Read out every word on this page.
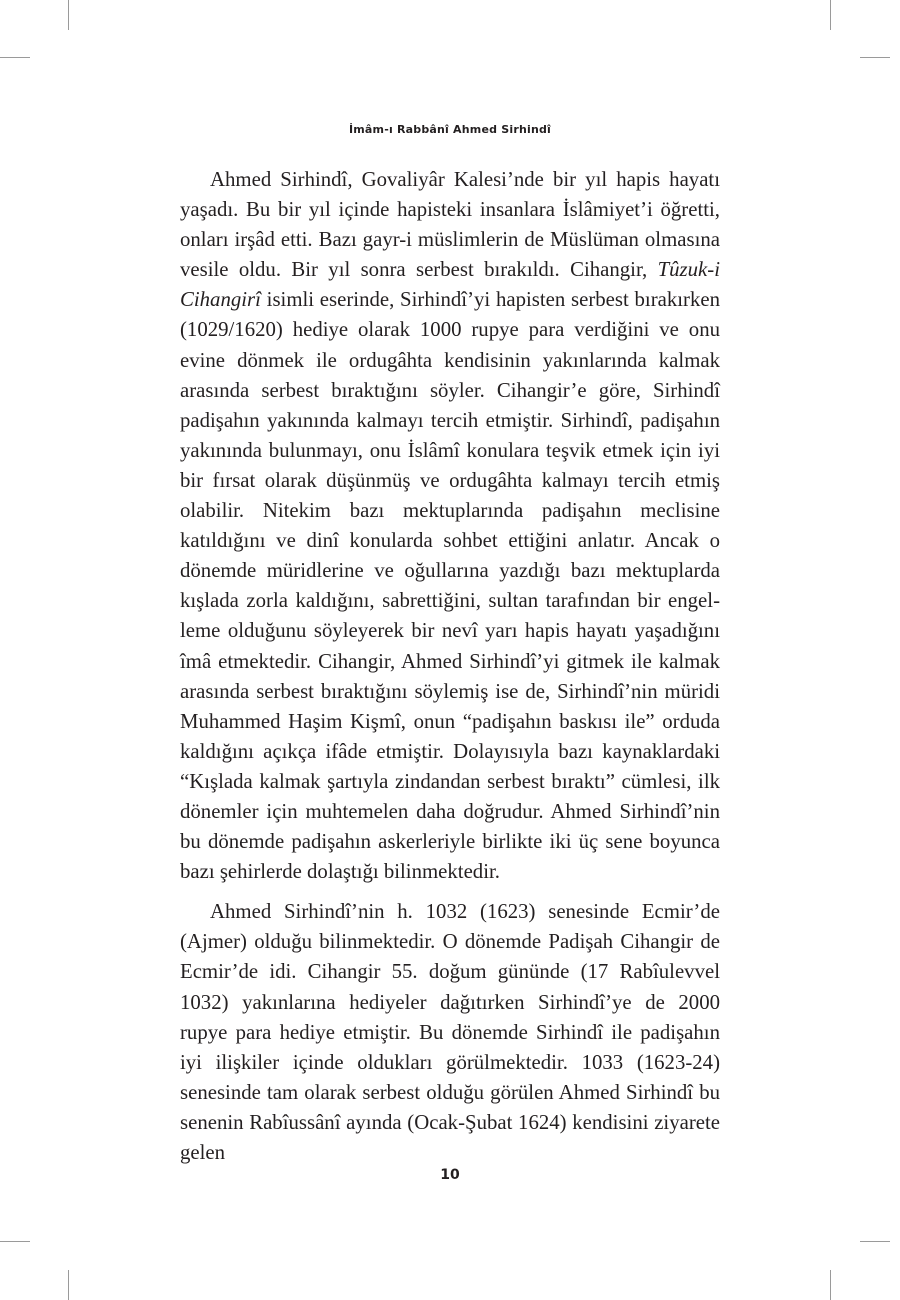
İmâm-ı Rabbânî Ahmed Sirhindî

Ahmed Sirhindî, Govaliyâr Kalesi’nde bir yıl hapis hayatı yaşadı. Bu bir yıl içinde hapisteki insanlara İslâmiyet’i öğretti, onları irşâd etti. Bazı gayr-i müslimlerin de Müslüman olmasına vesile oldu. Bir yıl sonra serbest bırakıldı. Cihangir, Tûzuk-i Cihangirî isimli eserinde, Sirhindî’yi hapisten serbest bırakırken (1029/1620) hediye olarak 1000 rupye para verdiğini ve onu evine dönmek ile ordugâhta kendisinin yakınlarında kalmak arasında serbest bıraktığını söyler. Cihangir’e göre, Sirhindî padişahın yakınında kalmayı tercih etmiştir. Sirhindî, padişahın yakınında bulunmayı, onu İslâmî konulara teşvik etmek için iyi bir fırsat olarak düşünmüş ve ordugâhta kalmayı tercih etmiş olabilir. Nitekim bazı mektuplarında padişahın meclisine katıldığını ve dinî konularda sohbet ettiğini anlatır. Ancak o dönemde müridlerine ve oğullarına yazdığı bazı mektuplarda kışlada zorla kaldığını, sabrettiğini, sultan tarafından bir engelleme olduğunu söyleyerek bir nevî yarı hapis hayatı yaşadığını îmâ etmektedir. Cihangir, Ahmed Sirhindî’yi gitmek ile kalmak arasında serbest bıraktığını söylemiş ise de, Sirhindî’nin müridi Muhammed Haşim Kişmî, onun “padişahın baskısı ile” orduda kaldığını açıkça ifâde etmiştir. Dolayısıyla bazı kaynaklardaki “Kışlada kalmak şartıyla zindandan serbest bıraktı” cümlesi, ilk dönemler için muhtemelen daha doğrudur. Ahmed Sirhindî’nin bu dönemde padişahın askerleriyle birlikte iki üç sene boyunca bazı şehirlerde dolaştığı bilinmektedir.

Ahmed Sirhindî’nin h. 1032 (1623) senesinde Ecmir’de (Ajmer) olduğu bilinmektedir. O dönemde Padişah Cihangir de Ecmir’de idi. Cihangir 55. doğum gününde (17 Rabîulevvel 1032) yakınlarına hediyeler dağıtırken Sirhindî’ye de 2000 rupye para hediye etmiştir. Bu dönemde Sirhindî ile padişahın iyi ilişkiler içinde oldukları görülmektedir. 1033 (1623-24) senesinde tam olarak serbest olduğu görülen Ahmed Sirhindî bu senenin Rabîussânî ayında (Ocak-Şubat 1624) kendisini ziyarete gelen

10
